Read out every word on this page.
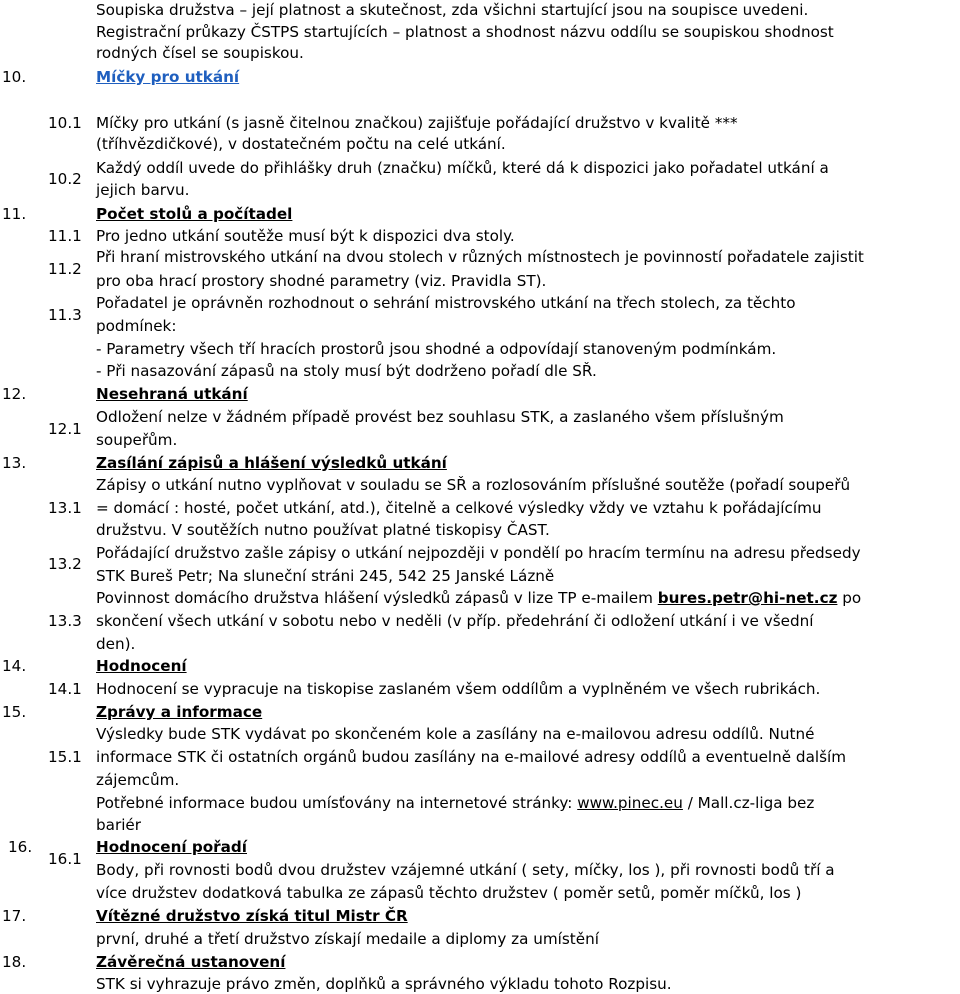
Soupiska družstva – její platnost a skutečnost, zda všichni startující jsou na soupisce uvedeni.
Registrační průkazy ČSTPS startujících – platnost a shodnost názvu oddílu se soupiskou shodnost
rodných čísel se soupiskou.
10.	Míčky pro utkání
10.1 Míčky pro utkání (s jasně čitelnou značkou) zajišťuje pořádající družstvo v kvalitě ***
(tříhvězdičkové), v dostatečném počtu na celé utkání.
10.2
Každý oddíl uvede do přihlášky druh (značku) míčků, které dá k dispozici jako pořadatel utkání a
jejich barvu.
11.	Počet stolů a počítadel
11.1 Pro jedno utkání soutěže musí být k dispozici dva stoly.
11.2
Při hraní mistrovského utkání na dvou stolech v různých místnostech je povinností pořadatele zajistit
pro oba hrací prostory shodné parametry (viz. Pravidla ST).
11.3
Pořadatel je oprávněn rozhodnout o sehrání mistrovského utkání na třech stolech, za těchto
podmínek:
- Parametry všech tří hracích prostorů jsou shodné a odpovídají stanoveným podmínkám.
- Při nasazování zápasů na stoly musí být dodrženo pořadí dle SŘ.
12.	Nesehraná utkání
12.1
Odložení nelze v žádném případě provést bez souhlasu STK, a zaslaného všem příslušným
soupeřům.
13.	Zasílání zápisů a hlášení výsledků utkání
13.1
Zápisy o utkání nutno vyplňovat v souladu se SŘ a rozlosováním příslušné soutěže (pořadí soupeřů
= domácí : hosté, počet utkání, atd.), čitelně a celkové výsledky vždy ve vztahu k pořádajícímu
družstvu. V soutěžích nutno používat platné tiskopisy ČAST.
13.2
Pořádající družstvo zašle zápisy o utkání nejpozději v pondělí po hracím termínu na adresu předsedy
STK Bureš Petr; Na sluneční stráni 245, 542 25 Janské Lázně
13.3
Povinnost domácího družstva hlášení výsledků zápasů v lize TP e-mailem bures.petr@hi-net.cz po
skončení všech utkání v sobotu nebo v neděli (v příp. předehrání či odložení utkání i ve všední
den).
14.	Hodnocení
14.1 Hodnocení se vypracuje na tiskopise zaslaném všem oddílům a vyplněném ve všech rubrikách.
15.	Zprávy a informace
15.1
Výsledky bude STK vydávat po skončeném kole a zasílány na e-mailovou adresu oddílů. Nutné
informace STK či ostatních orgánů budou zasílány na e-mailové adresy oddílů a eventuelně dalším
zájemcům.
Potřebné informace budou umísťovány na internetové stránky: www.pinec.eu / Mall.cz-liga bez
bariér
16.	Hodnocení pořadí
16.1
Body, při rovnosti bodů dvou družstev vzájemné utkání ( sety, míčky, los ), při rovnosti bodů tří a
více družstev dodatková tabulka ze zápasů těchto družstev ( poměr setů, poměr míčků, los )
17.	Vítězné družstvo získá titul Mistr ČR
první, druhé a třetí družstvo získají medaile a diplomy za umístění
18.	Závěrečná ustanovení
STK si vyhrazuje právo změn, doplňků a správného výkladu tohoto Rozpisu.
